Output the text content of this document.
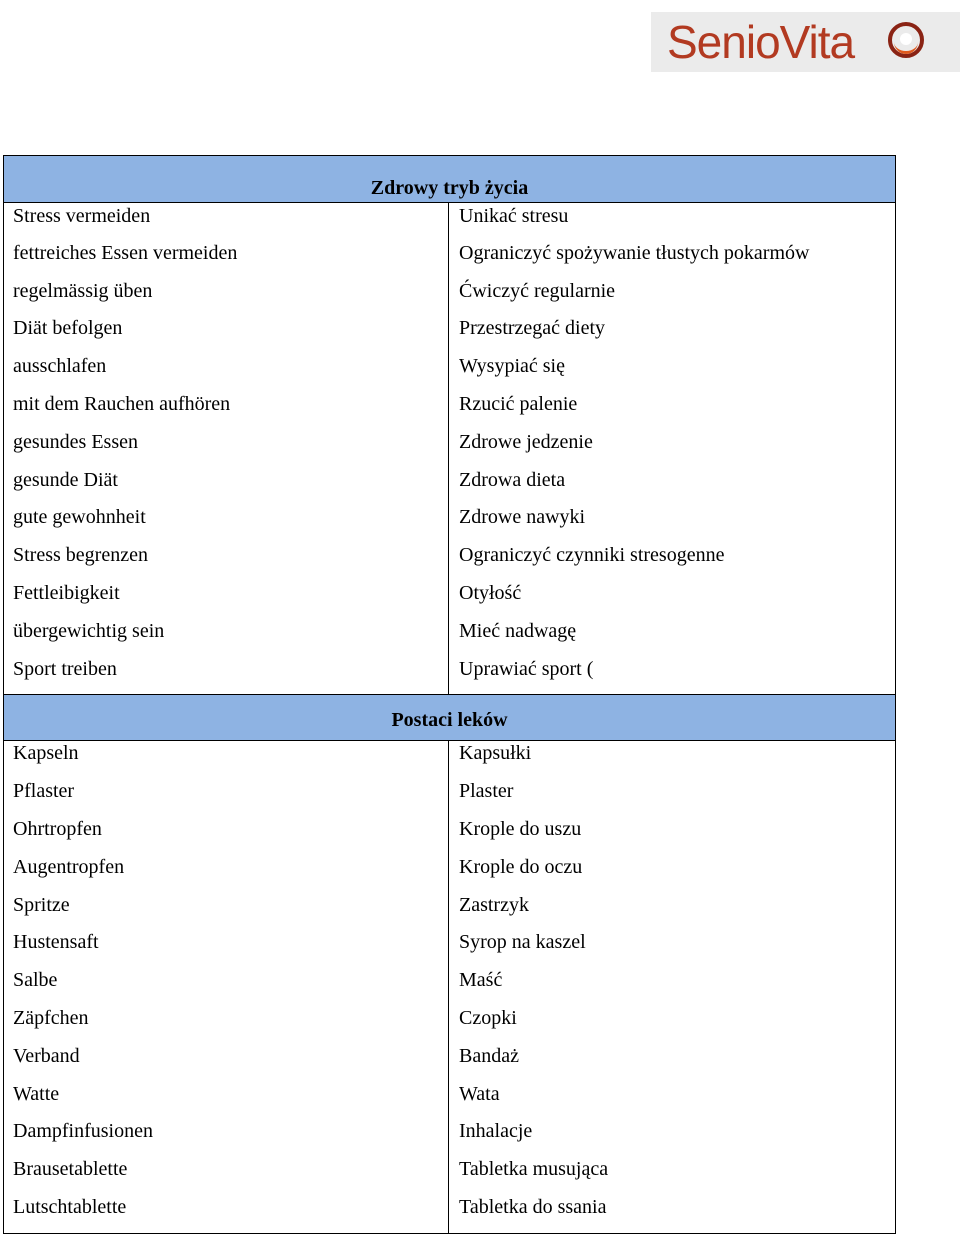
SenioVita
Zdrowy tryb życia
Stress vermeiden	Unikać stresu
fettreiches Essen vermeiden	Ograniczyć spożywanie tłustych pokarmów
regelmässig üben	Ćwiczyć regularnie
Diät befolgen	Przestrzegać diety
ausschlafen	Wysypiać się
mit dem Rauchen aufhören	Rzucić palenie
gesundes Essen	Zdrowe jedzenie
gesunde Diät	Zdrowa dieta
gute gewohnheit	Zdrowe nawyki
Stress begrenzen	Ograniczyć czynniki stresogenne
Fettleibigkeit	Otyłość
übergewichtig sein	Mieć nadwagę
Sport treiben	Uprawiać sport (
Postaci leków
Kapseln	Kapsułki
Pflaster	Plaster
Ohrtropfen	Krople do uszu
Augentropfen	Krople do oczu
Spritze	Zastrzyk
Hustensaft	Syrop na kaszel
Salbe	Maść
Zäpfchen	Czopki
Verband	Bandaż
Watte	Wata
Dampfinfusionen	Inhalacje
Brausetablette	Tabletka musująca
Lutschtablette	Tabletka do ssania
